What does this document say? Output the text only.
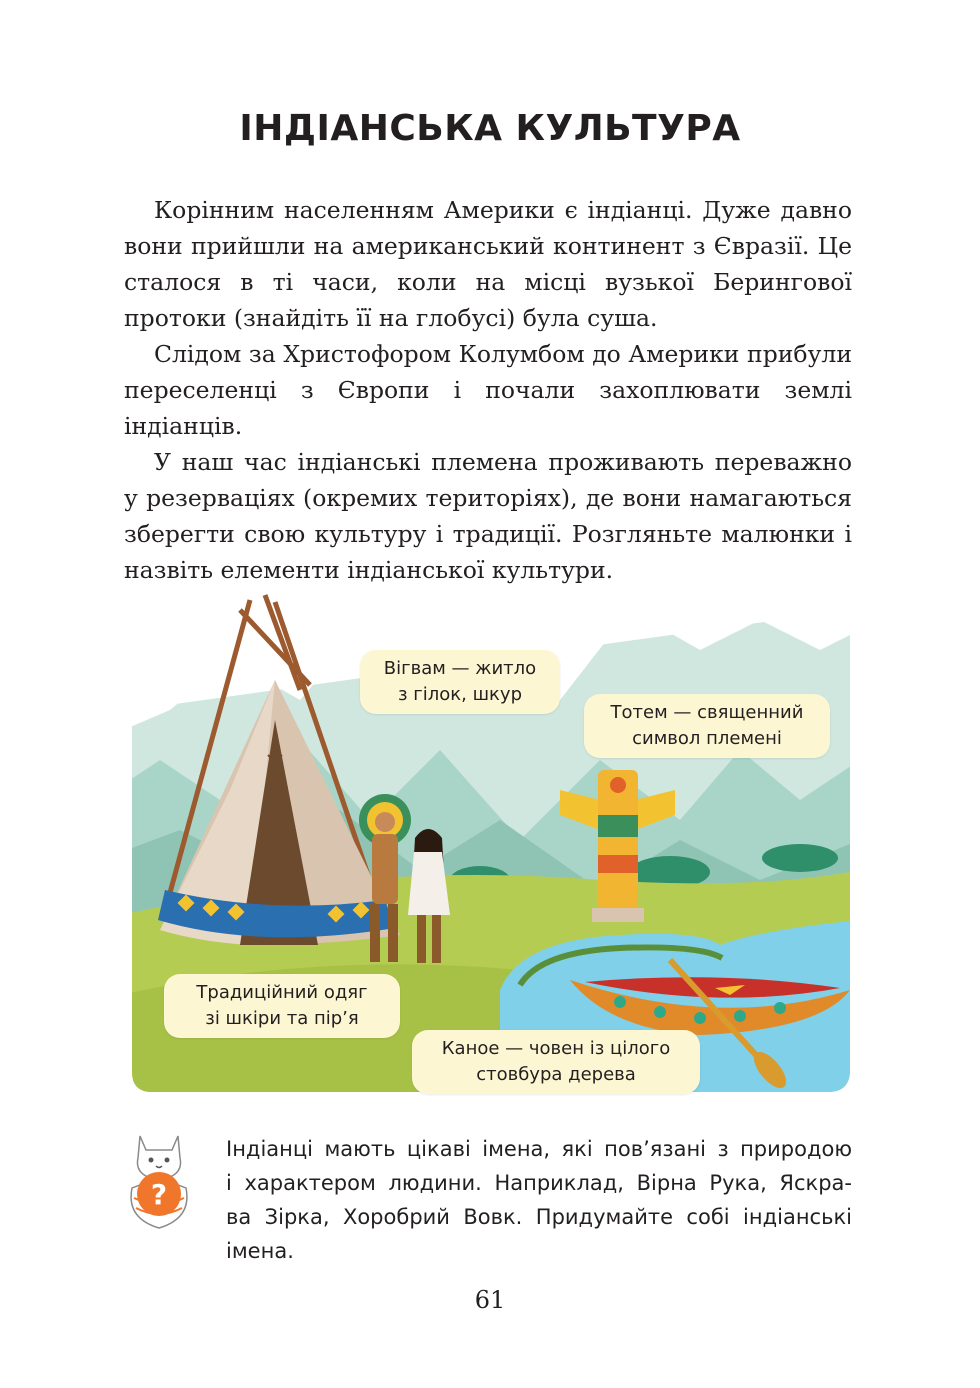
ІНДІАНСЬКА КУЛЬТУРА

Корінним населенням Америки є індіанці. Дуже давно вони прийшли на американський континент з Євразії. Це сталося в ті часи, коли на місці вузької Берингової протоки (знайдіть її на глобусі) була суша.

Слідом за Христофором Колумбом до Америки прибули переселенці з Європи і почали захоплювати землі індіанців.

У наш час індіанські племена проживають переважно у резерваціях (окремих територіях), де вони намагаються зберегти свою культуру і традиції. Розгляньте малюнки і назвіть елементи індіанської культури.

Вігвам — житло
з гілок, шкур
Тотем — священний
символ племені
Традиційний одяг
зі шкіри та пір’я
Каное — човен із цілого
стовбура дерева
?
Індіанці мають цікаві імена, які пов’язані з природою
і характером людини. Наприклад, Вірна Рука, Яскра-
ва Зірка, Хоробрий Вовк. Придумайте собі індіанські
імена.
61
